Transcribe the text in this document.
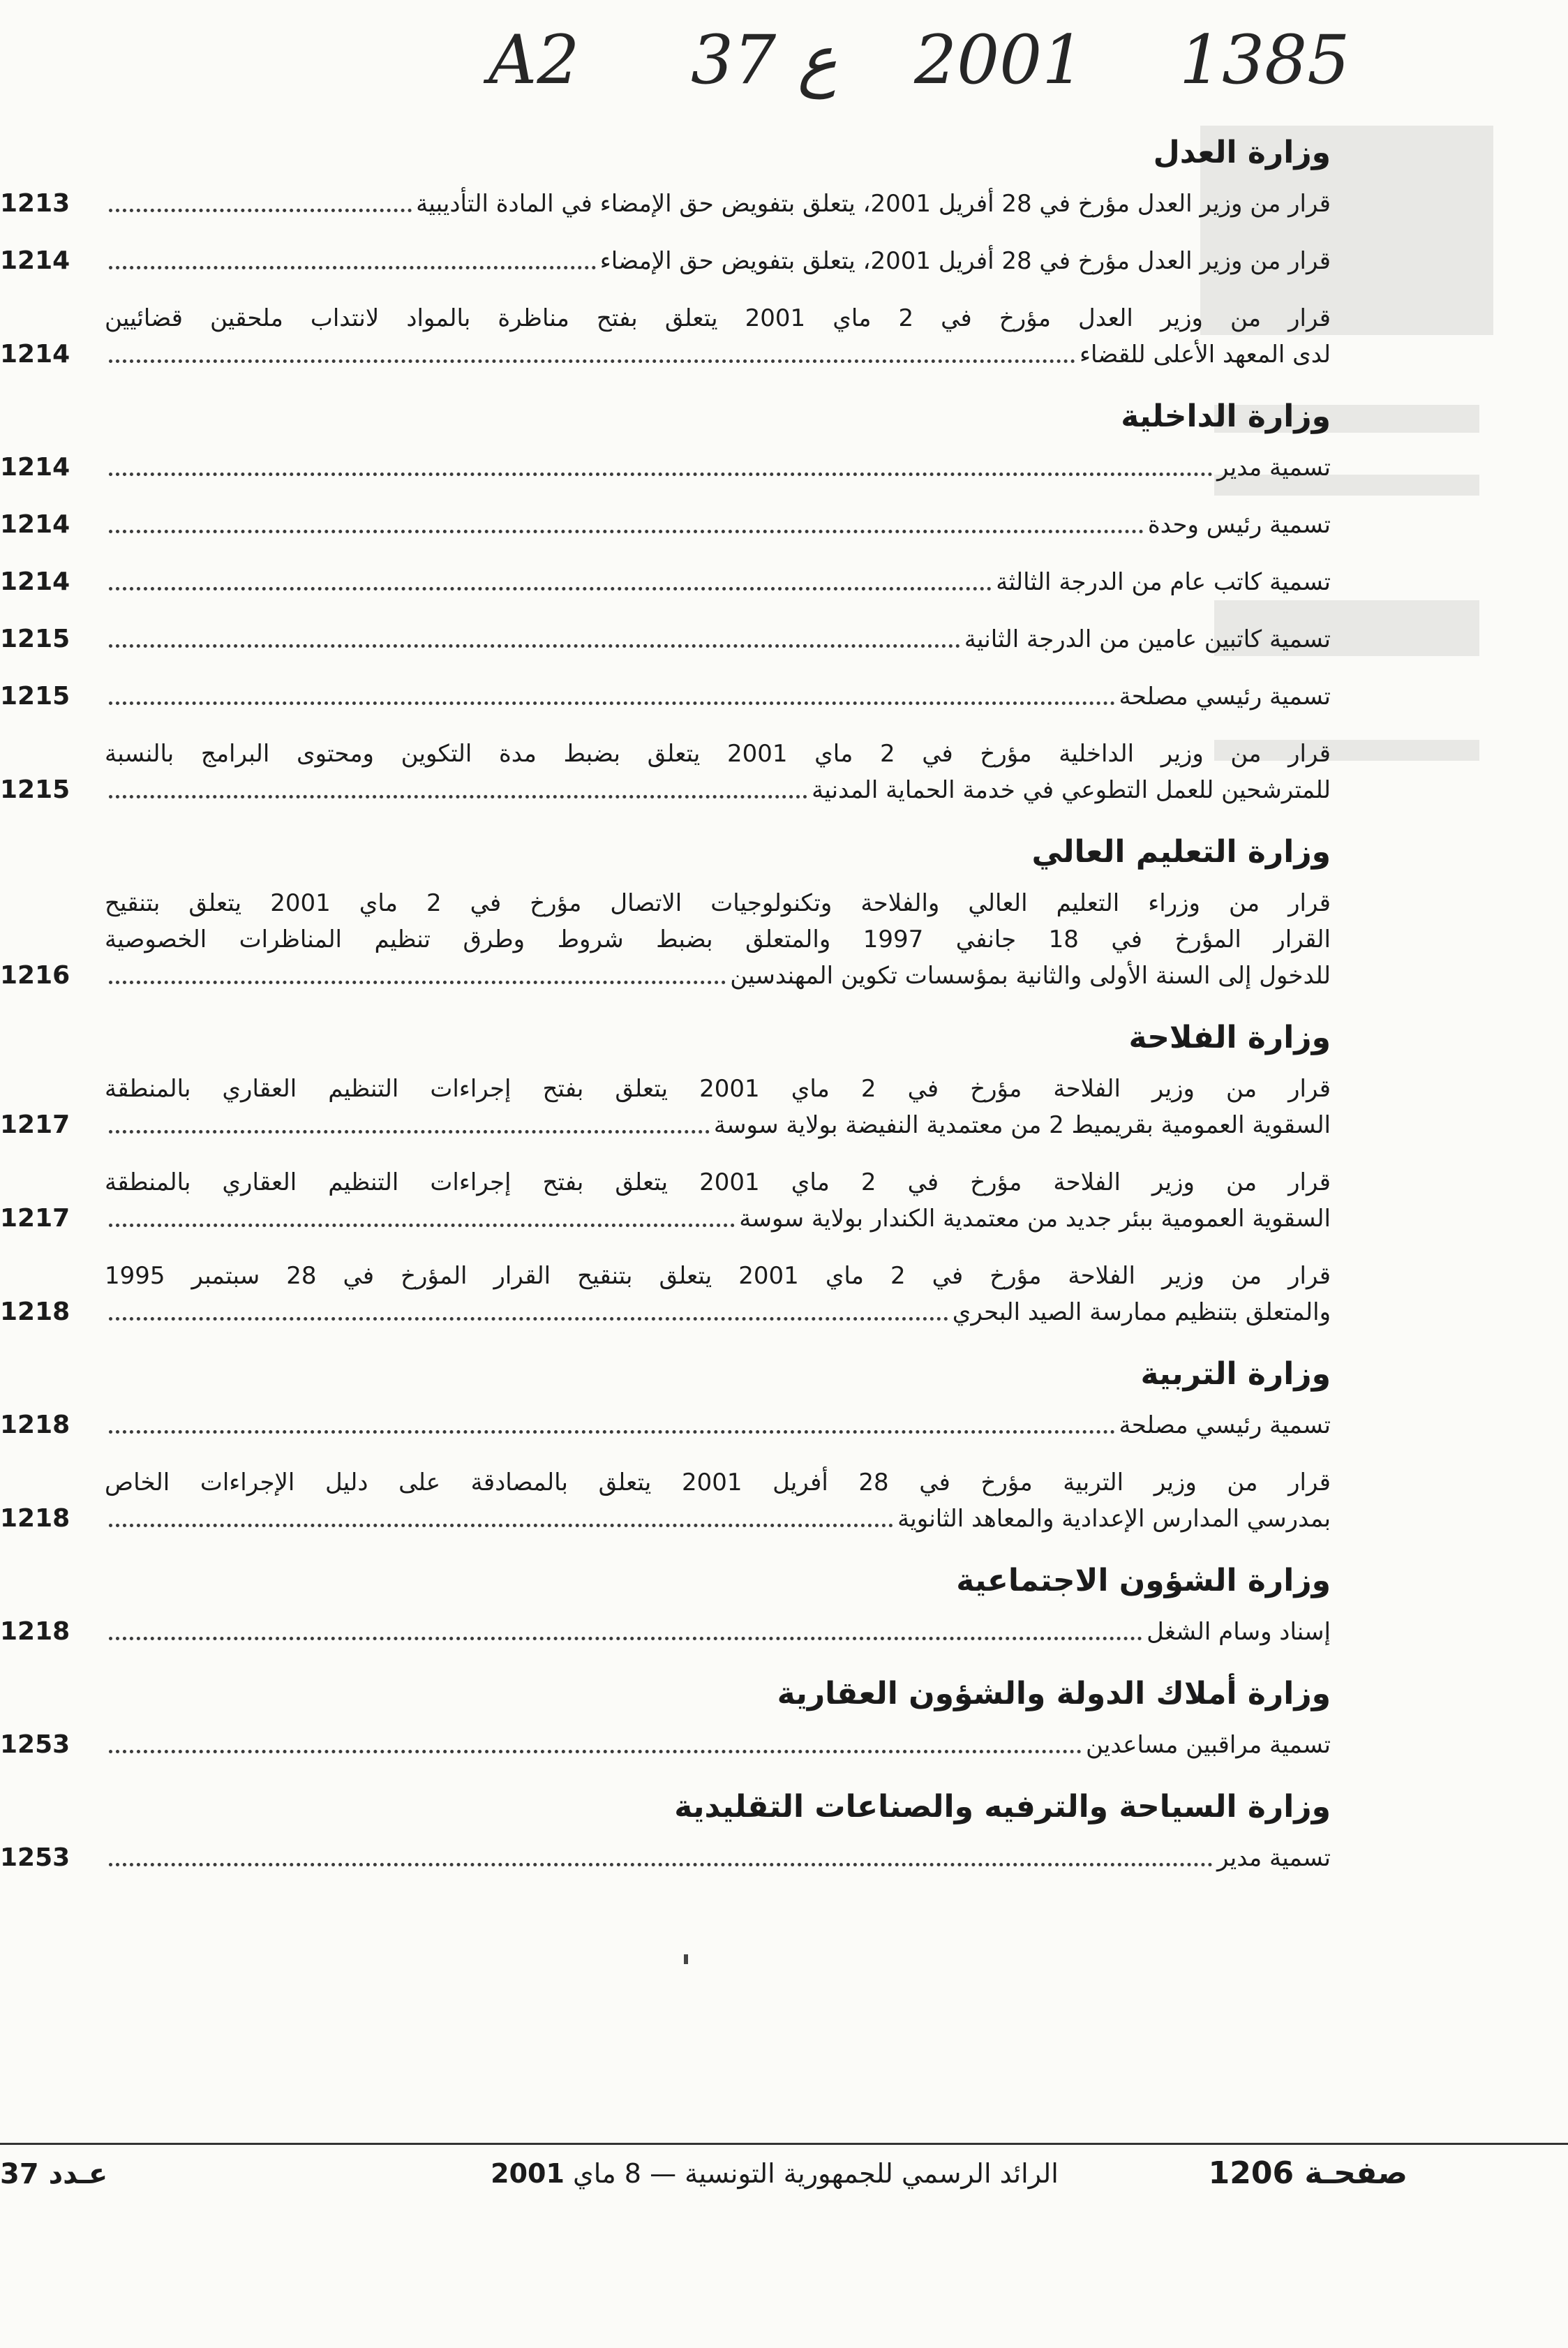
A2 37 ع 2001 1385
وزارة العدل
قرار من وزير العدل مؤرخ في 28 أفريل 2001، يتعلق بتفويض حق الإمضاء في المادة التأديبية
1213
قرار من وزير العدل مؤرخ في 28 أفريل 2001، يتعلق بتفويض حق الإمضاء
1214
قرار من وزير العدل مؤرخ في 2 ماي 2001 يتعلق بفتح مناظرة بالمواد لانتداب ملحقين قضائيين
لدى المعهد الأعلى للقضاء
1214
وزارة الداخلية
تسمية مدير
1214
تسمية رئيس وحدة
1214
تسمية كاتب عام من الدرجة الثالثة
1214
تسمية كاتبين عامين من الدرجة الثانية
1215
تسمية رئيسي مصلحة
1215
قرار من وزير الداخلية مؤرخ في 2 ماي 2001 يتعلق بضبط مدة التكوين ومحتوى البرامج بالنسبة
للمترشحين للعمل التطوعي في خدمة الحماية المدنية
1215
وزارة التعليم العالي
قرار من وزراء التعليم العالي والفلاحة وتكنولوجيات الاتصال مؤرخ في 2 ماي 2001 يتعلق بتنقيح
القرار المؤرخ في 18 جانفي 1997 والمتعلق بضبط شروط وطرق تنظيم المناظرات الخصوصية
للدخول إلى السنة الأولى والثانية بمؤسسات تكوين المهندسين
1216
وزارة الفلاحة
قرار من وزير الفلاحة مؤرخ في 2 ماي 2001 يتعلق بفتح إجراءات التنظيم العقاري بالمنطقة
السقوية العمومية بقريميط 2 من معتمدية النفيضة بولاية سوسة
1217
قرار من وزير الفلاحة مؤرخ في 2 ماي 2001 يتعلق بفتح إجراءات التنظيم العقاري بالمنطقة
السقوية العمومية ببئر جديد من معتمدية الكندار بولاية سوسة
1217
قرار من وزير الفلاحة مؤرخ في 2 ماي 2001 يتعلق بتنقيح القرار المؤرخ في 28 سبتمبر 1995
والمتعلق بتنظيم ممارسة الصيد البحري
1218
وزارة التربية
تسمية رئيسي مصلحة
1218
قرار من وزير التربية مؤرخ في 28 أفريل 2001 يتعلق بالمصادقة على دليل الإجراءات الخاص
بمدرسي المدارس الإعدادية والمعاهد الثانوية
1218
وزارة الشؤون الاجتماعية
إسناد وسام الشغل
1218
وزارة أملاك الدولة والشؤون العقارية
تسمية مراقبين مساعدين
1253
وزارة السياحة والترفيه والصناعات التقليدية
تسمية مدير
1253
عـدد 37	الرائد الرسمي للجمهورية التونسية — 8 ماي 2001	صفحـة 1206
